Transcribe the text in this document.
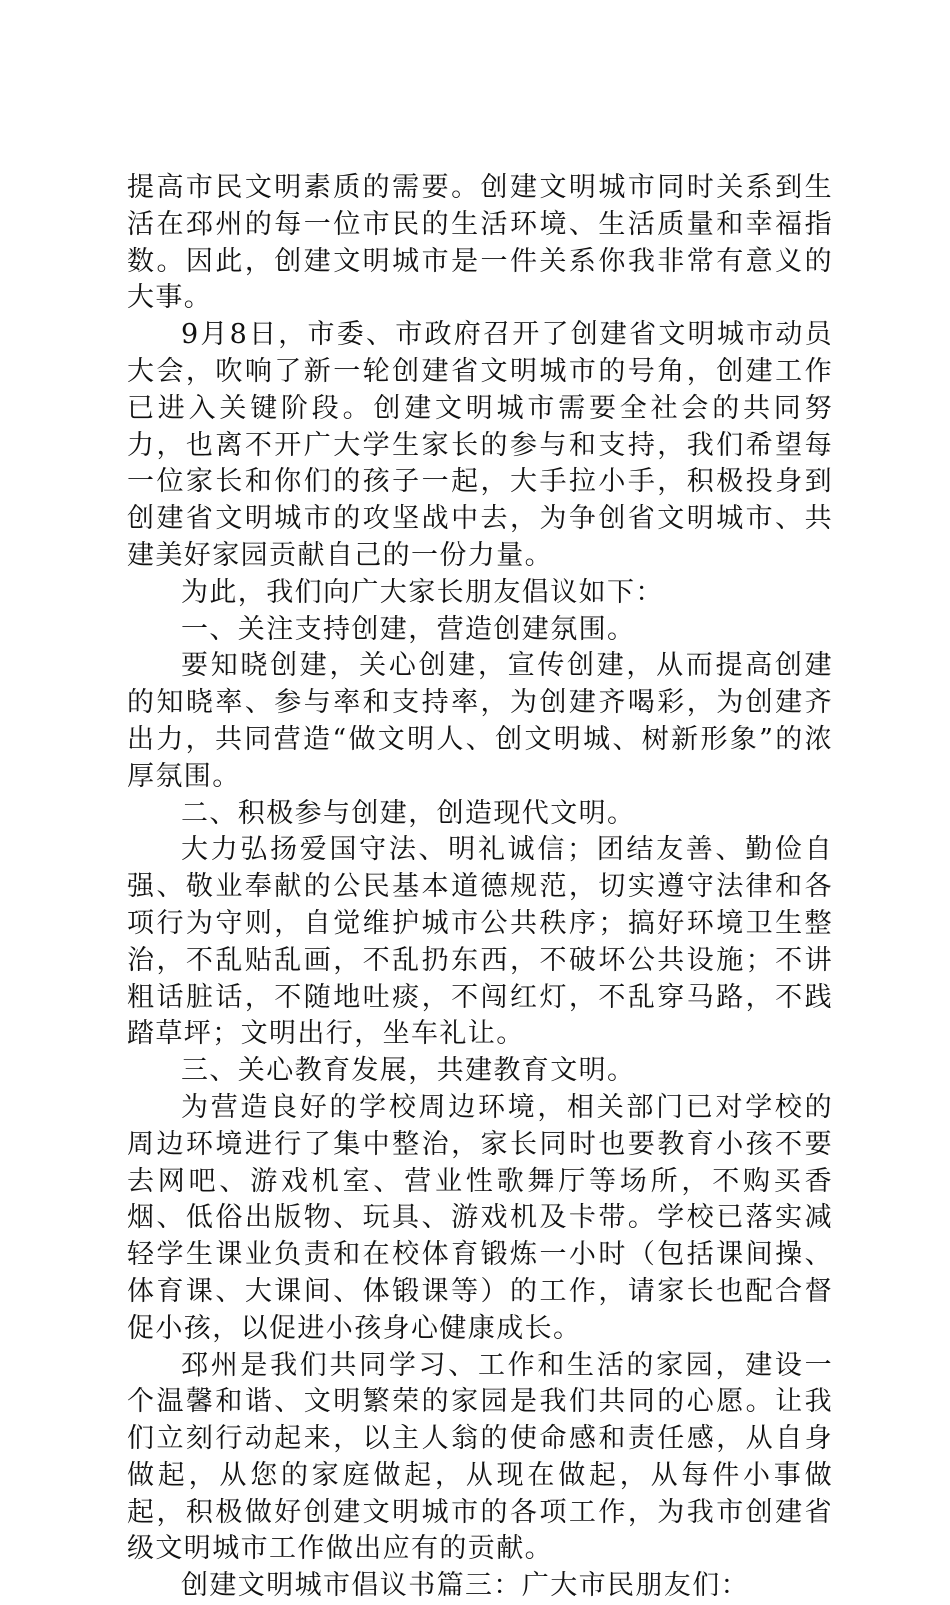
提高市民文明素质的需要。创建文明城市同时关系到生活在邳州的每一位市民的生活环境、生活质量和幸福指数。因此，创建文明城市是一件关系你我非常有意义的大事。

9月8日，市委、市政府召开了创建省文明城市动员大会，吹响了新一轮创建省文明城市的号角，创建工作已进入关键阶段。创建文明城市需要全社会的共同努力，也离不开广大学生家长的参与和支持，我们希望每一位家长和你们的孩子一起，大手拉小手，积极投身到创建省文明城市的攻坚战中去，为争创省文明城市、共建美好家园贡献自己的一份力量。

为此，我们向广大家长朋友倡议如下：

一、关注支持创建，营造创建氛围。

要知晓创建，关心创建，宣传创建，从而提高创建的知晓率、参与率和支持率，为创建齐喝彩，为创建齐出力，共同营造“做文明人、创文明城、树新形象”的浓厚氛围。

二、积极参与创建，创造现代文明。

大力弘扬爱国守法、明礼诚信；团结友善、勤俭自强、敬业奉献的公民基本道德规范，切实遵守法律和各项行为守则，自觉维护城市公共秩序；搞好环境卫生整治，不乱贴乱画，不乱扔东西，不破坏公共设施；不讲粗话脏话，不随地吐痰，不闯红灯，不乱穿马路，不践踏草坪；文明出行，坐车礼让。

三、关心教育发展，共建教育文明。

为营造良好的学校周边环境，相关部门已对学校的周边环境进行了集中整治，家长同时也要教育小孩不要去网吧、游戏机室、营业性歌舞厅等场所，不购买香烟、低俗出版物、玩具、游戏机及卡带。学校已落实减轻学生课业负责和在校体育锻炼一小时（包括课间操、体育课、大课间、体锻课等）的工作，请家长也配合督促小孩，以促进小孩身心健康成长。

邳州是我们共同学习、工作和生活的家园，建设一个温馨和谐、文明繁荣的家园是我们共同的心愿。让我们立刻行动起来，以主人翁的使命感和责任感，从自身做起，从您的家庭做起，从现在做起，从每件小事做起，积极做好创建文明城市的各项工作，为我市创建省级文明城市工作做出应有的贡献。

创建文明城市倡议书篇三：广大市民朋友们：
